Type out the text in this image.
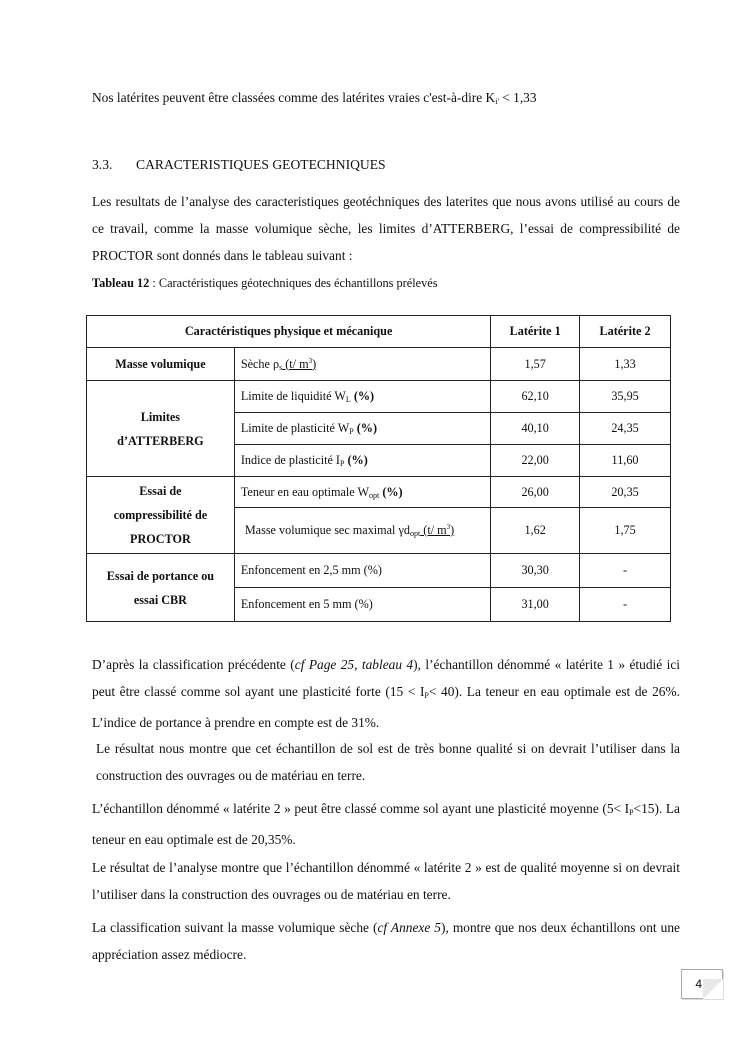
Nos latérites peuvent être classées comme des latérites vraies c'est-à-dire $K_{i'} < 1,33$

3.3. CARACTERISTIQUES GEOTECHNIQUES

Les resultats de l’analyse des caracteristiques geotéchniques des laterites que nous avons utilisé au cours de ce travail, comme la masse volumique sèche, les limites d’ATTERBERG, l’essai de compressibilité de PROCTOR sont donnés dans le tableau suivant :

Tableau 12 : Caractéristiques géotechniques des échantillons prélevés

Caractéristiques physique et mécanique		Latérite 1	Latérite 2
Masse volumique	Sèche $\rho_s$ (t/ $m^3$)	1,57	1,33
Limites
d’ATTERBERG	Limite de liquidité $W_L$ (%)	62,10	35,95
	Limite de plasticité $W_P$ (%)	40,10	24,35
	Indice de plasticité $I_P$ (%)	22,00	11,60
Essai de
compressibilité de
PROCTOR	Teneur en eau optimale $W_{opt}$ (%)	26,00	20,35
	Masse volumique sec maximal $\gamma d_{opt}$ (t/ $m^3$)	1,62	1,75
Essai de portance ou
essai CBR	Enfoncement en 2,5 mm (%)	30,30	-
	Enfoncement en 5 mm (%)	31,00	-

D’après la classification précédente (cf Page 25, tableau 4), l’échantillon dénommé « latérite 1 » étudié ici peut être classé comme sol ayant une plasticité forte $(15 < I_P< 40)$. La teneur en eau optimale est de 26%. L’indice de portance à prendre en compte est de 31%.

Le résultat nous montre que cet échantillon de sol est de très bonne qualité si on devrait l’utiliser dans la construction des ouvrages ou de matériau en terre.

L’échantillon dénommé « latérite 2 » peut être classé comme sol ayant une plasticité moyenne $(5< I_P<15)$. La teneur en eau optimale est de 20,35%.

Le résultat de l’analyse montre que l’échantillon dénommé « latérite 2 » est de qualité moyenne si on devrait l’utiliser dans la construction des ouvrages ou de matériau en terre.

La classification suivant la masse volumique sèche (cf Annexe 5), montre que nos deux échantillons ont une appréciation assez médiocre.

41
